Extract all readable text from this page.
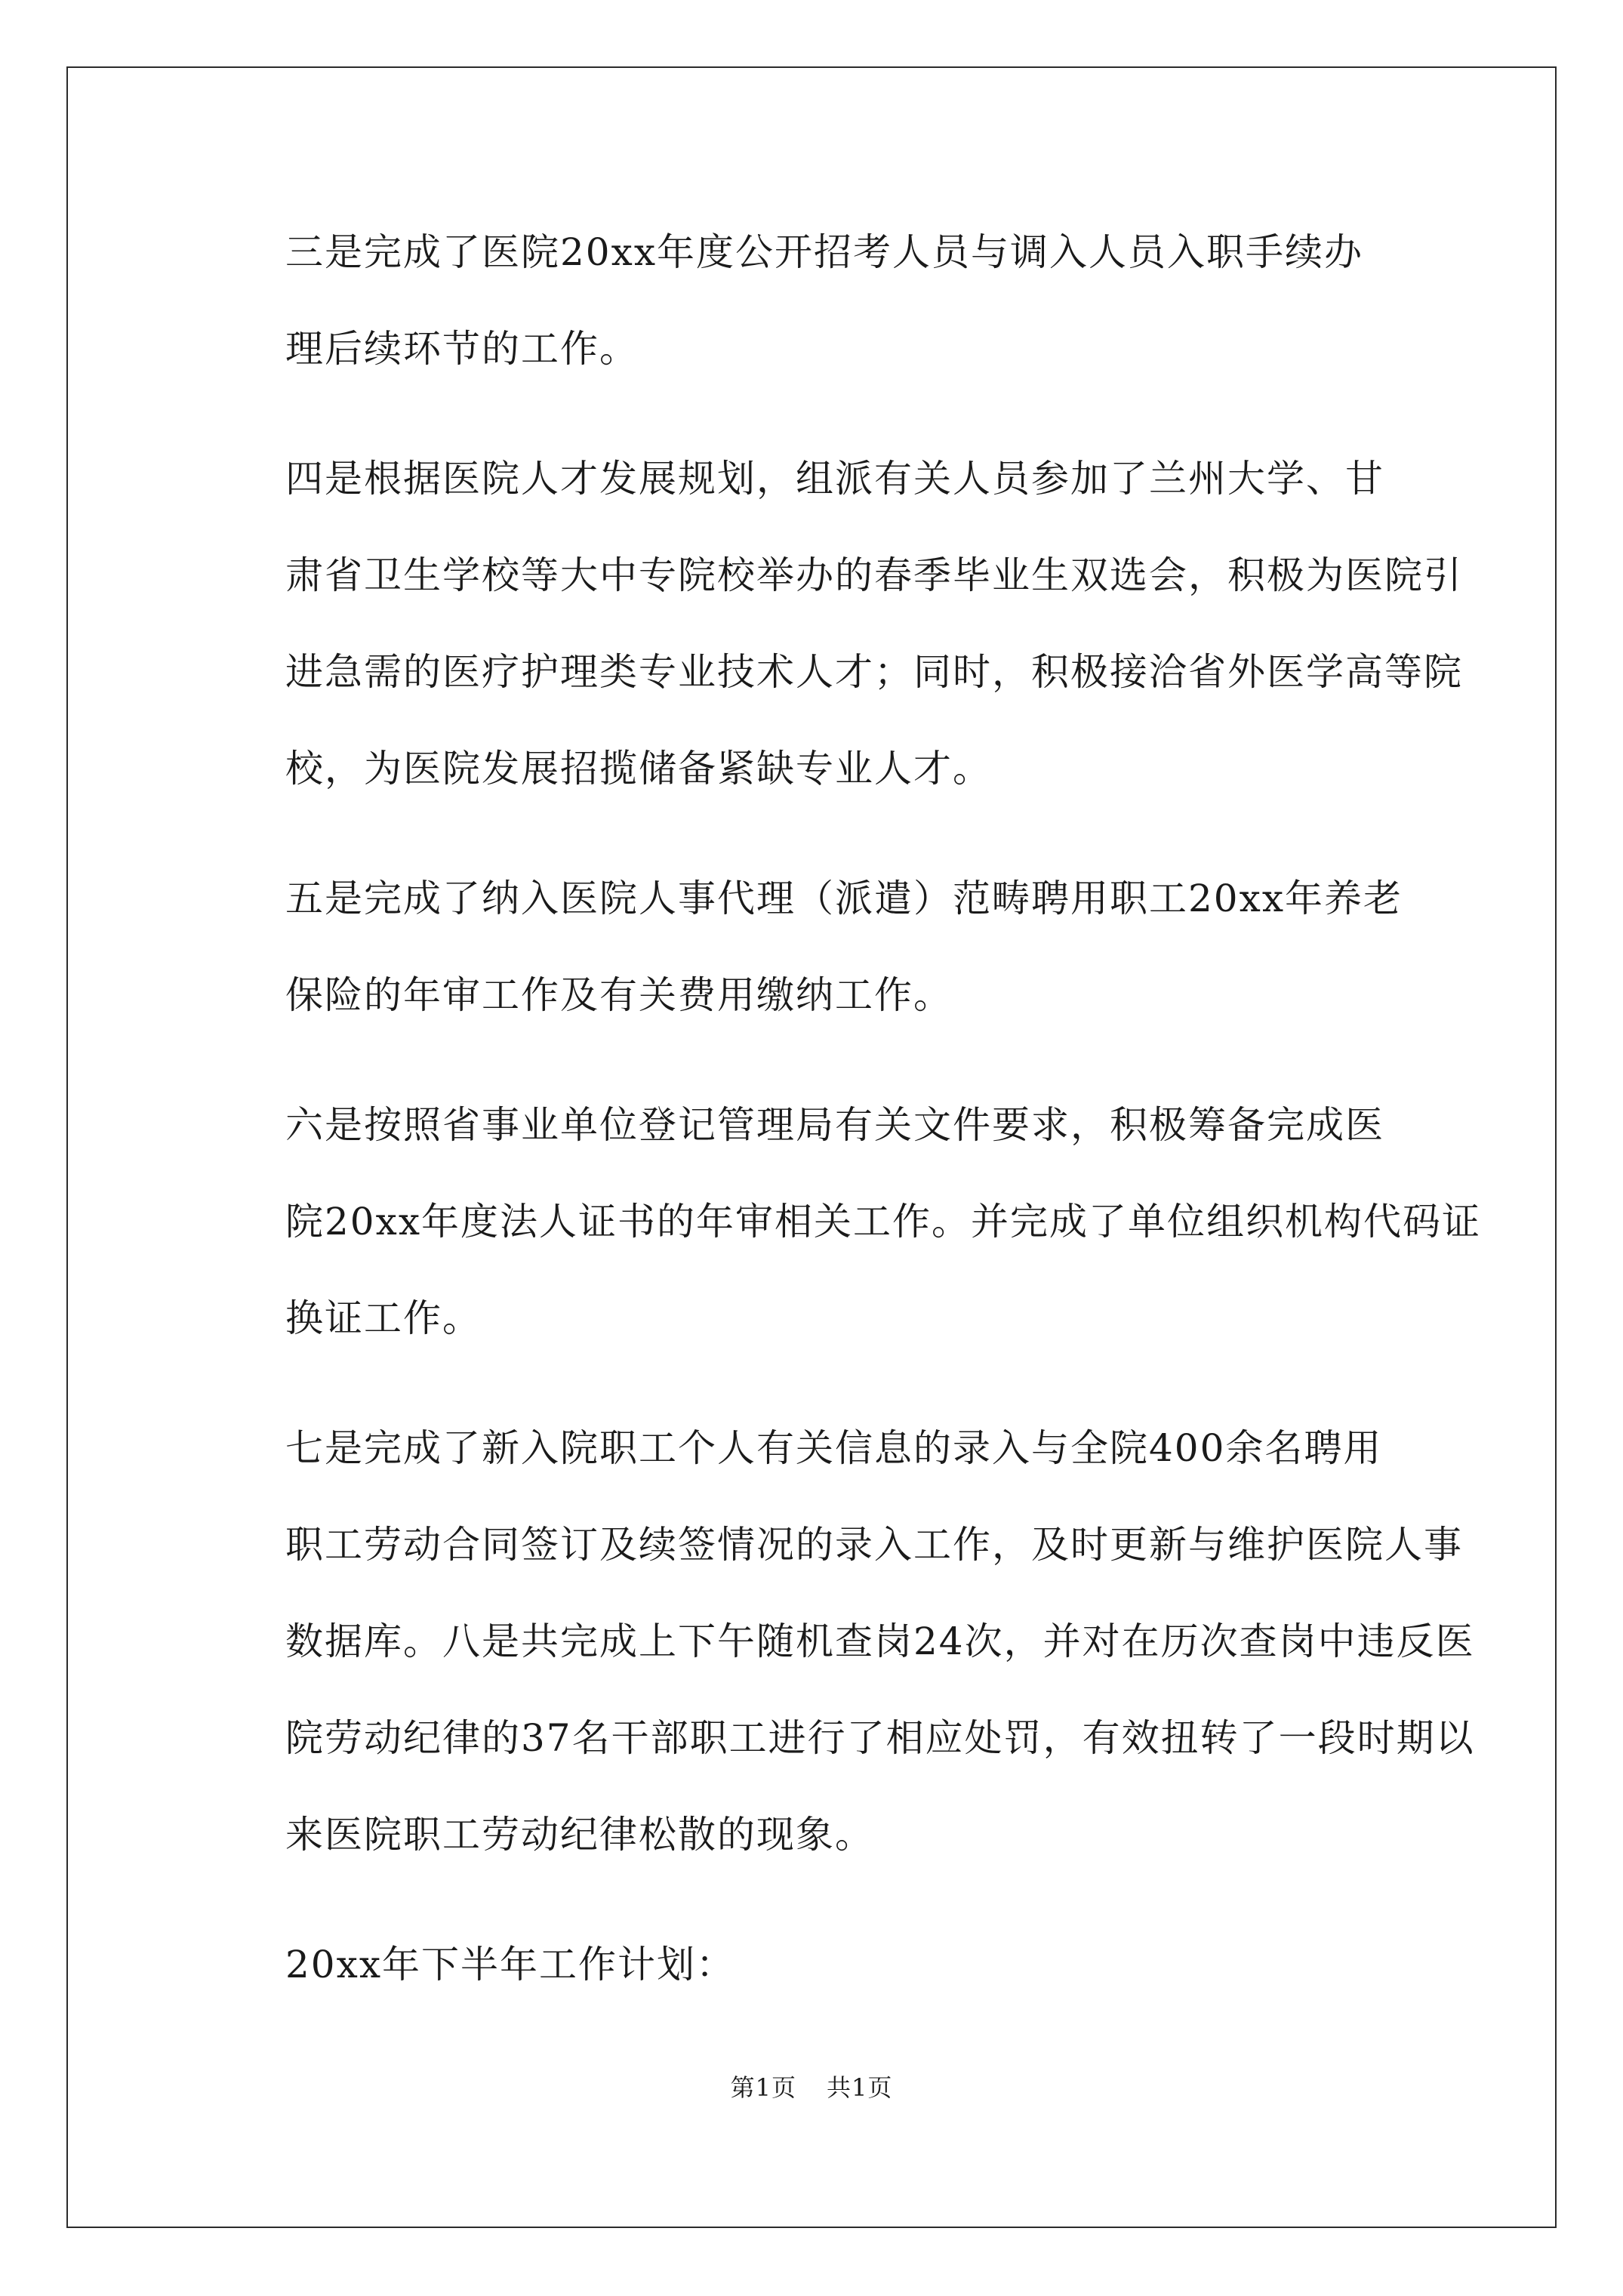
三是完成了医院20xx年度公开招考人员与调入人员入职手续办
理后续环节的工作。

四是根据医院人才发展规划，组派有关人员参加了兰州大学、甘
肃省卫生学校等大中专院校举办的春季毕业生双选会，积极为医院引
进急需的医疗护理类专业技术人才；同时，积极接洽省外医学高等院
校，为医院发展招揽储备紧缺专业人才。

五是完成了纳入医院人事代理（派遣）范畴聘用职工20xx年养老
保险的年审工作及有关费用缴纳工作。

六是按照省事业单位登记管理局有关文件要求，积极筹备完成医
院20xx年度法人证书的年审相关工作。并完成了单位组织机构代码证
换证工作。

七是完成了新入院职工个人有关信息的录入与全院400余名聘用
职工劳动合同签订及续签情况的录入工作，及时更新与维护医院人事
数据库。八是共完成上下午随机查岗24次，并对在历次查岗中违反医
院劳动纪律的37名干部职工进行了相应处罚，有效扭转了一段时期以
来医院职工劳动纪律松散的现象。

20xx年下半年工作计划：

第1页 共1页
